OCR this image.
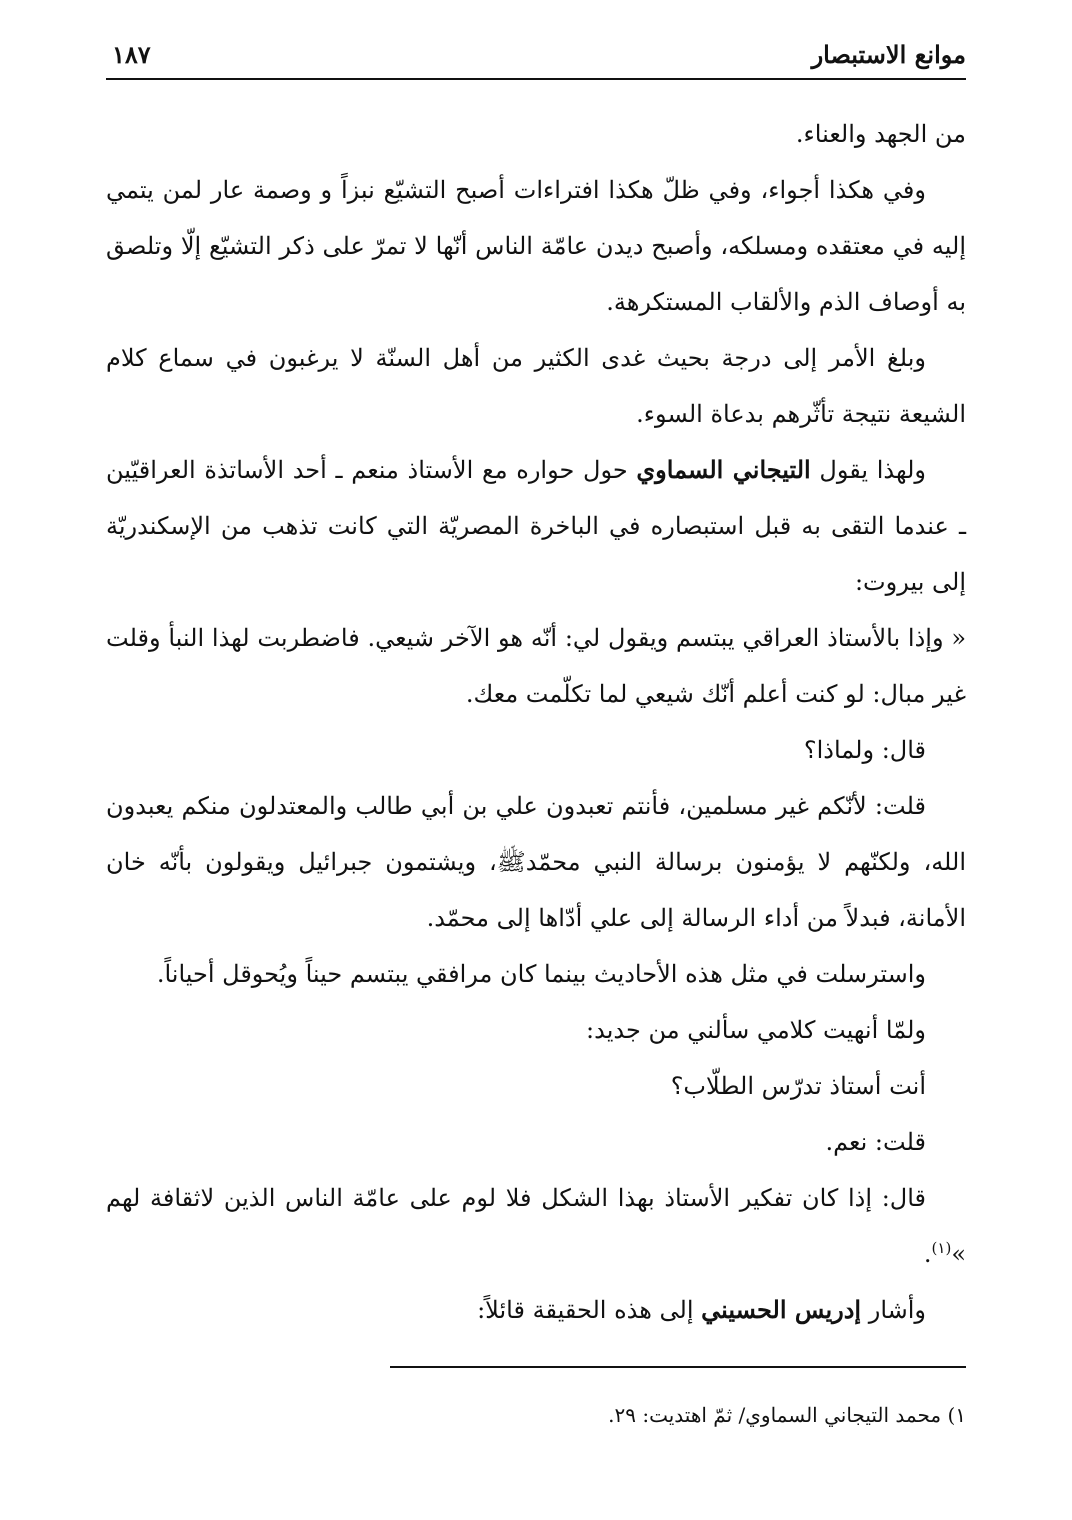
موانع الاستبصار
١٨٧

من الجهد والعناء.

وفي هكذا أجواء، وفي ظلّ هكذا افتراءات أصبح التشيّع نبزاً و وصمة عار لمن يتمي إليه في معتقده ومسلكه، وأصبح ديدن عامّة الناس أنّها لا تمرّ على ذكر التشيّع إلّا وتلصق به أوصاف الذم والألقاب المستكرهة.

وبلغ الأمر إلى درجة بحيث غدى الكثير من أهل السنّة لا يرغبون في سماع كلام الشيعة نتيجة تأثّرهم بدعاة السوء.

ولهذا يقول التيجاني السماوي حول حواره مع الأستاذ منعم ـ أحد الأساتذة العراقيّين ـ عندما التقى به قبل استبصاره في الباخرة المصريّة التي كانت تذهب من الإسكندريّة إلى بيروت:

« وإذا بالأستاذ العراقي يبتسم ويقول لي: أنّه هو الآخر شيعي. فاضطربت لهذا النبأ وقلت غير مبال: لو كنت أعلم أنّك شيعي لما تكلّمت معك.

قال: ولماذا؟

قلت: لأنّكم غير مسلمين، فأنتم تعبدون علي بن أبي طالب والمعتدلون منكم يعبدون الله، ولكنّهم لا يؤمنون برسالة النبي محمّدﷺ، ويشتمون جبرائيل ويقولون بأنّه خان الأمانة، فبدلاً من أداء الرسالة إلى علي أدّاها إلى محمّد.

واسترسلت في مثل هذه الأحاديث بينما كان مرافقي يبتسم حيناً ويُحوقل أحياناً.

ولمّا أنهيت كلامي سألني من جديد:

أنت أستاذ تدرّس الطلّاب؟

قلت: نعم.

قال: إذا كان تفكير الأستاذ بهذا الشكل فلا لوم على عامّة الناس الذين لاثقافة لهم »$^{(١)}$.

وأشار إدريس الحسيني إلى هذه الحقيقة قائلاً:

١) محمد التيجاني السماوي/ ثمّ اهتديت: ٢٩.
